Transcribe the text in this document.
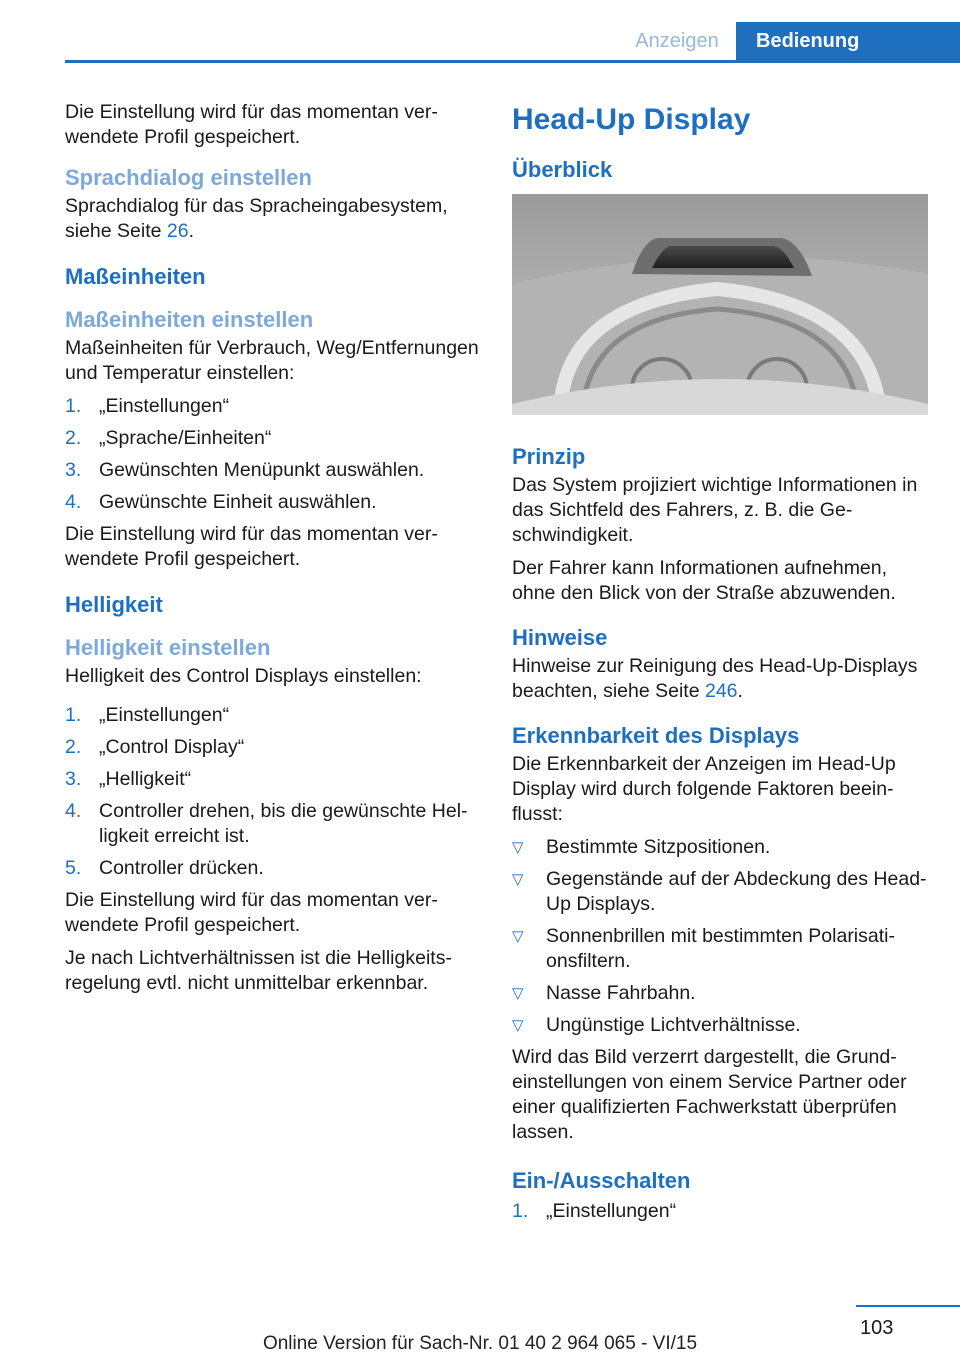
Anzeigen	Bedienung

Die Einstellung wird für das momentan verwendete Profil gespeichert.

Sprachdialog einstellen

Sprachdialog für das Spracheingabesystem, siehe Seite 26.

Maßeinheiten
Maßeinheiten einstellen

Maßeinheiten für Verbrauch, Weg/Entfernungen und Temperatur einstellen:

1. „Einstellungen“
2. „Sprache/Einheiten“
3. Gewünschten Menüpunkt auswählen.
4. Gewünschte Einheit auswählen.

Die Einstellung wird für das momentan verwendete Profil gespeichert.

Helligkeit
Helligkeit einstellen

Helligkeit des Control Displays einstellen:

1. „Einstellungen“
2. „Control Display“
3. „Helligkeit“
4. Controller drehen, bis die gewünschte Helligkeit erreicht ist.
5. Controller drücken.

Die Einstellung wird für das momentan verwendete Profil gespeichert.

Je nach Lichtverhältnissen ist die Helligkeitsregelung evtl. nicht unmittelbar erkennbar.

Head-Up Display
Überblick
Prinzip

Das System projiziert wichtige Informationen in das Sichtfeld des Fahrers, z. B. die Geschwindigkeit.

Der Fahrer kann Informationen aufnehmen, ohne den Blick von der Straße abzuwenden.

Hinweise

Hinweise zur Reinigung des Head-Up-Displays beachten, siehe Seite 246.

Erkennbarkeit des Displays

Die Erkennbarkeit der Anzeigen im Head-Up Display wird durch folgende Faktoren beeinflusst:

▽ Bestimmte Sitzpositionen.
▽ Gegenstände auf der Abdeckung des Head-Up Displays.
▽ Sonnenbrillen mit bestimmten Polarisationsfiltern.
▽ Nasse Fahrbahn.
▽ Ungünstige Lichtverhältnisse.

Wird das Bild verzerrt dargestellt, die Grundeinstellungen von einem Service Partner oder einer qualifizierten Fachwerkstatt überprüfen lassen.

Ein-/Ausschalten
1. „Einstellungen“
103
Online Version für Sach-Nr. 01 40 2 964 065 - VI/15
